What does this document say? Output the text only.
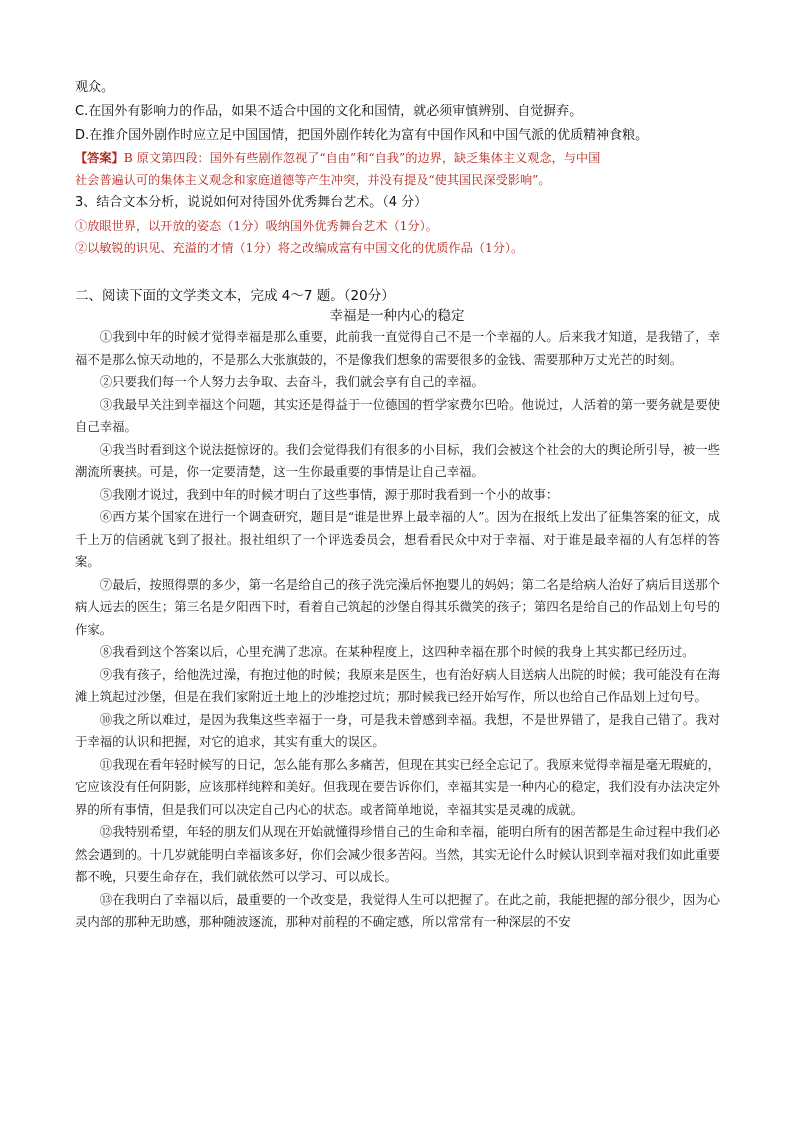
观众。
C.在国外有影响力的作品，如果不适合中国的文化和国情，就必须审慎辨别、自觉摒弃。
D.在推介国外剧作时应立足中国国情，把国外剧作转化为富有中国作风和中国气派的优质精神食粮。
【答案】B 原文第四段：国外有些剧作忽视了“自由”和“自我”的边界，缺乏集体主义观念，与中国
社会普遍认可的集体主义观念和家庭道德等产生冲突，并没有提及“使其国民深受影响”。
3、结合文本分析，说说如何对待国外优秀舞台艺术。（4 分）
①放眼世界，以开放的姿态（1分）吸纳国外优秀舞台艺术（1分）。
②以敏锐的识见、充溢的才情（1分）将之改编成富有中国文化的优质作品（1分）。
二、阅读下面的文学类文本，完成 4～7 题。（20分）
幸福是一种内心的稳定

①我到中年的时候才觉得幸福是那么重要，此前我一直觉得自己不是一个幸福的人。后来我才知道，是我错了，幸福不是那么惊天动地的，不是那么大张旗鼓的，不是像我们想象的需要很多的金钱、需要那种万丈光芒的时刻。

②只要我们每一个人努力去争取、去奋斗，我们就会享有自己的幸福。

③我最早关注到幸福这个问题，其实还是得益于一位德国的哲学家费尔巴哈。他说过，人活着的第一要务就是要使自己幸福。

④我当时看到这个说法挺惊讶的。我们会觉得我们有很多的小目标，我们会被这个社会的大的舆论所引导，被一些潮流所裹挟。可是，你一定要清楚，这一生你最重要的事情是让自己幸福。

⑤我刚才说过，我到中年的时候才明白了这些事情，源于那时我看到一个小的故事：

⑥西方某个国家在进行一个调查研究，题目是“谁是世界上最幸福的人”。因为在报纸上发出了征集答案的征文，成千上万的信函就飞到了报社。报社组织了一个评选委员会，想看看民众中对于幸福、对于谁是最幸福的人有怎样的答案。

⑦最后，按照得票的多少，第一名是给自己的孩子洗完澡后怀抱婴儿的妈妈；第二名是给病人治好了病后目送那个病人远去的医生；第三名是夕阳西下时，看着自己筑起的沙堡自得其乐微笑的孩子；第四名是给自己的作品划上句号的作家。

⑧我看到这个答案以后，心里充满了悲凉。在某种程度上，这四种幸福在那个时候的我身上其实都已经历过。

⑨我有孩子，给他洗过澡，有抱过他的时候；我原来是医生，也有治好病人目送病人出院的时候；我可能没有在海滩上筑起过沙堡，但是在我们家附近土地上的沙堆挖过坑；那时候我已经开始写作，所以也给自己作品划上过句号。

⑩我之所以难过，是因为我集这些幸福于一身，可是我未曾感到幸福。我想，不是世界错了，是我自己错了。我对于幸福的认识和把握，对它的追求，其实有重大的误区。

⑪我现在看年轻时候写的日记，怎么能有那么多痛苦，但现在其实已经全忘记了。我原来觉得幸福是毫无瑕疵的，它应该没有任何阴影，应该那样纯粹和美好。但我现在要告诉你们，幸福其实是一种内心的稳定，我们没有办法决定外界的所有事情，但是我们可以决定自己内心的状态。或者简单地说，幸福其实是灵魂的成就。

⑫我特别希望，年轻的朋友们从现在开始就懂得珍惜自己的生命和幸福，能明白所有的困苦都是生命过程中我们必然会遇到的。十几岁就能明白幸福该多好，你们会减少很多苦闷。当然，其实无论什么时候认识到幸福对我们如此重要都不晚，只要生命存在，我们就依然可以学习、可以成长。

⑬在我明白了幸福以后，最重要的一个改变是，我觉得人生可以把握了。在此之前，我能把握的部分很少，因为心灵内部的那种无助感，那种随波逐流，那种对前程的不确定感，所以常常有一种深层的不安
